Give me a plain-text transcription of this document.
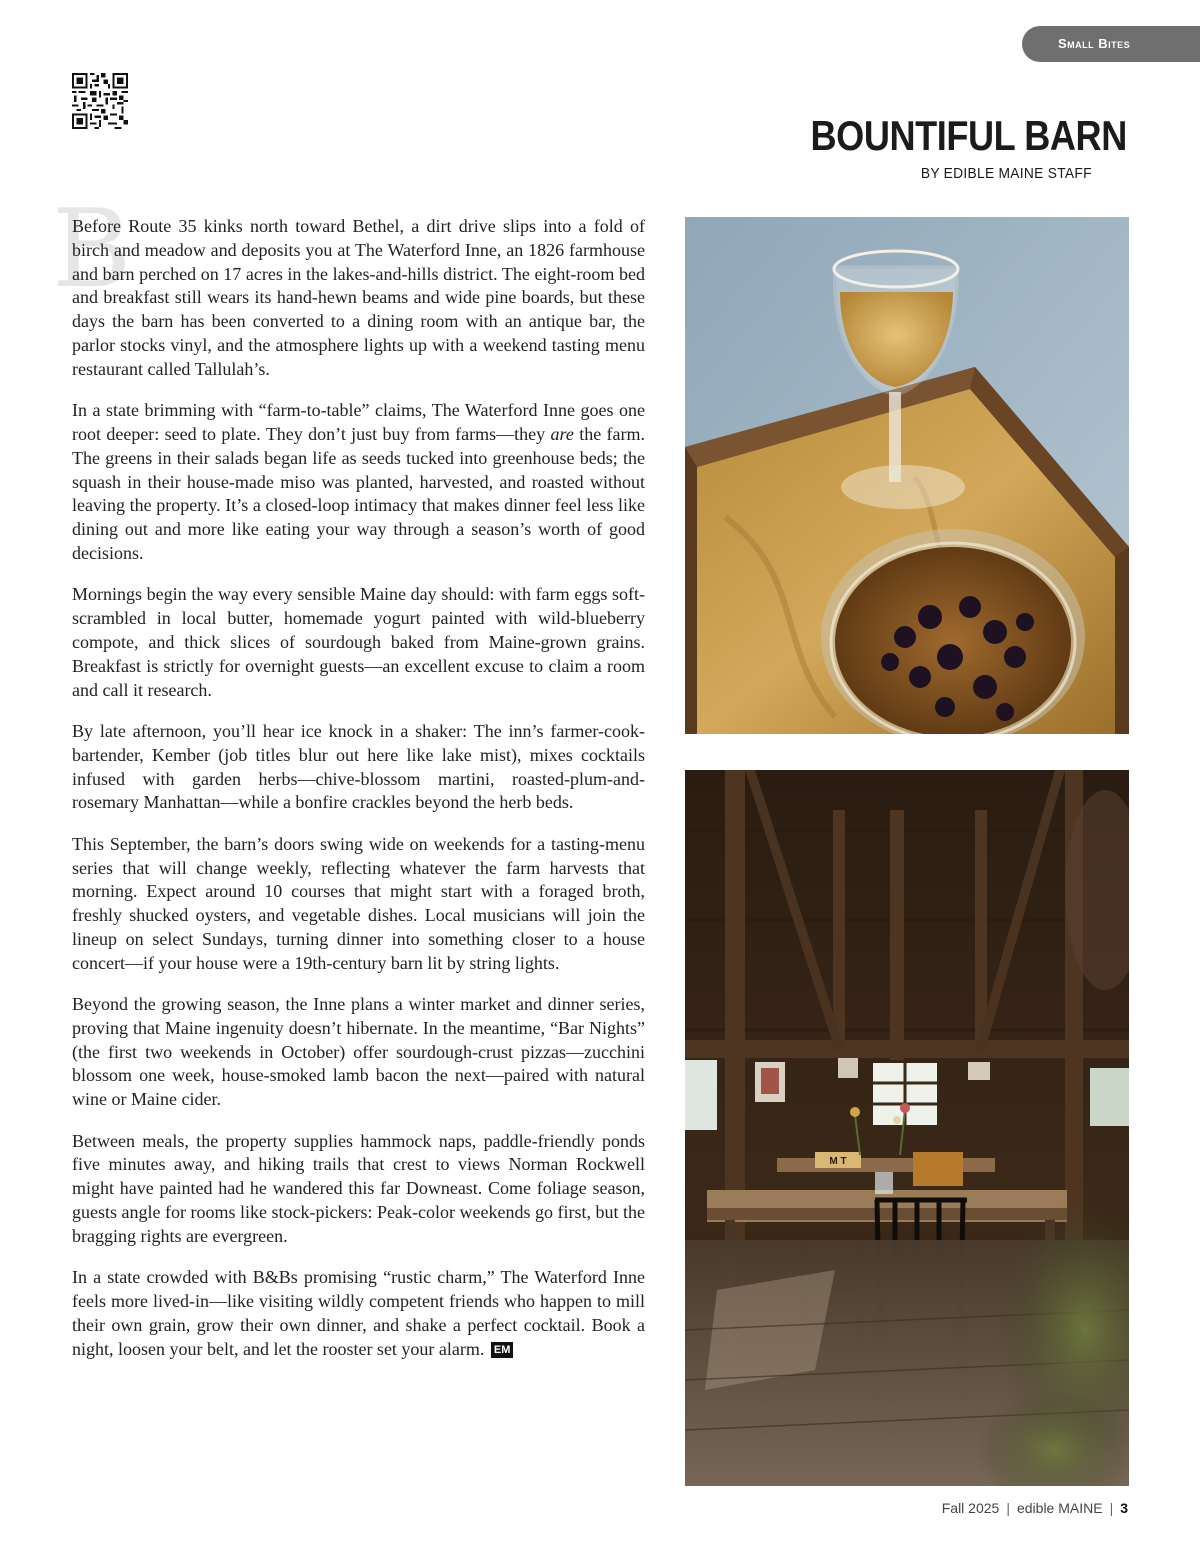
Small Bites
BOUNTIFUL BARN
BY EDIBLE MAINE STAFF
B

Before Route 35 kinks north toward Bethel, a dirt drive slips into a fold of birch and meadow and deposits you at The Waterford Inne, an 1826 farmhouse and barn perched on 17 acres in the lakes-and-hills district. The eight-room bed and breakfast still wears its hand-hewn beams and wide pine boards, but these days the barn has been converted to a dining room with an antique bar, the parlor stocks vinyl, and the atmosphere lights up with a weekend tasting menu restaurant called Tallulah’s.

In a state brimming with “farm-to-table” claims, The Waterford Inne goes one root deeper: seed to plate. They don’t just buy from farms—they are the farm. The greens in their salads began life as seeds tucked into greenhouse beds; the squash in their house-made miso was planted, harvested, and roasted without leaving the property. It’s a closed-loop intimacy that makes dinner feel less like dining out and more like eating your way through a season’s worth of good decisions.

Mornings begin the way every sensible Maine day should: with farm eggs soft-scrambled in local butter, homemade yogurt painted with wild-blueberry compote, and thick slices of sourdough baked from Maine-grown grains. Breakfast is strictly for overnight guests—an excellent excuse to claim a room and call it research.

By late afternoon, you’ll hear ice knock in a shaker: The inn’s farmer-cook-bartender, Kember (job titles blur out here like lake mist), mixes cocktails infused with garden herbs—chive-blossom martini, roasted-plum-and-rosemary Manhattan—while a bonfire crackles beyond the herb beds.

This September, the barn’s doors swing wide on weekends for a tasting-menu series that will change weekly, reflecting whatever the farm harvests that morning. Expect around 10 courses that might start with a foraged broth, freshly shucked oysters, and vegetable dishes. Local musicians will join the lineup on select Sundays, turning dinner into something closer to a house concert—if your house were a 19th-century barn lit by string lights.

Beyond the growing season, the Inne plans a winter market and dinner series, proving that Maine ingenuity doesn’t hibernate. In the meantime, “Bar Nights” (the first two weekends in October) offer sourdough-crust pizzas—zucchini blossom one week, house-smoked lamb bacon the next—paired with natural wine or Maine cider.

Between meals, the property supplies hammock naps, paddle-friendly ponds five minutes away, and hiking trails that crest to views Norman Rockwell might have painted had he wandered this far Downeast. Come foliage season, guests angle for rooms like stock-pickers: Peak-color weekends go first, but the bragging rights are evergreen.

In a state crowded with B&Bs promising “rustic charm,” The Waterford Inne feels more lived-in—like visiting wildly competent friends who happen to mill their own grain, grow their own dinner, and shake a perfect cocktail. Book a night, loosen your belt, and let the rooster set your alarm. EM

M T
Fall 2025 | edible MAINE | 3
